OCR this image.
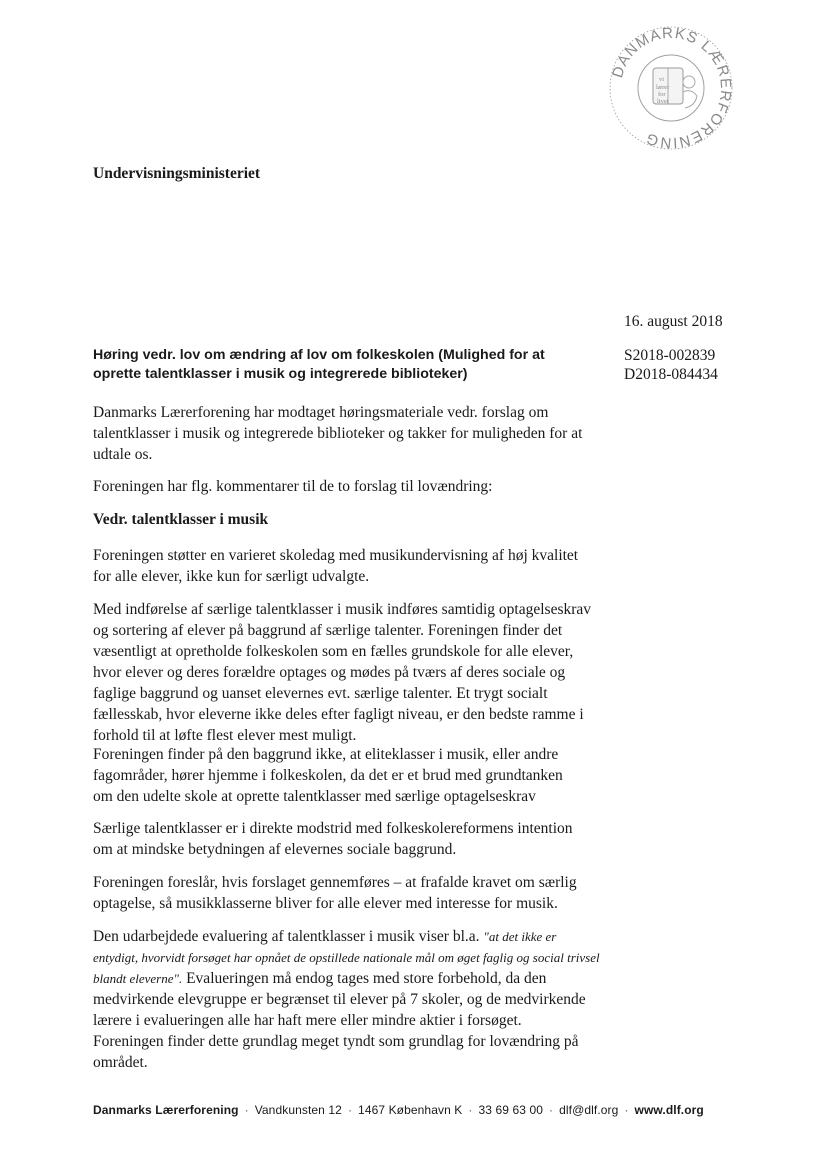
DANMARKS LÆRERFORENING
vi
lærer
for
livet
Undervisningsministeriet
16. august 2018
S2018-002839
D2018-084434
Høring vedr. lov om ændring af lov om folkeskolen (Mulighed for at
oprette talentklasser i musik og integrerede biblioteker)

Danmarks Lærerforening har modtaget høringsmateriale vedr. forslag om
talentklasser i musik og integrerede biblioteker og takker for muligheden for at
udtale os.

Foreningen har flg. kommentarer til de to forslag til lovændring:

Vedr. talentklasser i musik

Foreningen støtter en varieret skoledag med musikundervisning af høj kvalitet
for alle elever, ikke kun for særligt udvalgte.

Med indførelse af særlige talentklasser i musik indføres samtidig optagelseskrav
og sortering af elever på baggrund af særlige talenter. Foreningen finder det
væsentligt at opretholde folkeskolen som en fælles grundskole for alle elever,
hvor elever og deres forældre optages og mødes på tværs af deres sociale og
faglige baggrund og uanset elevernes evt. særlige talenter. Et trygt socialt
fællesskab, hvor eleverne ikke deles efter fagligt niveau, er den bedste ramme i
forhold til at løfte flest elever mest muligt.

Foreningen finder på den baggrund ikke, at eliteklasser i musik, eller andre
fagområder, hører hjemme i folkeskolen, da det er et brud med grundtanken
om den udelte skole at oprette talentklasser med særlige optagelseskrav

Særlige talentklasser er i direkte modstrid med folkeskolereformens intention
om at mindske betydningen af elevernes sociale baggrund.

Foreningen foreslår, hvis forslaget gennemføres – at frafalde kravet om særlig
optagelse, så musikklasserne bliver for alle elever med interesse for musik.

Den udarbejdede evaluering af talentklasser i musik viser bl.a. "at det ikke er
entydigt, hvorvidt forsøget har opnået de opstillede nationale mål om øget faglig og social trivsel
blandt eleverne". Evalueringen må endog tages med store forbehold, da den
medvirkende elevgruppe er begrænset til elever på 7 skoler, og de medvirkende
lærere i evalueringen alle har haft mere eller mindre aktier i forsøget.
Foreningen finder dette grundlag meget tyndt som grundlag for lovændring på
området.

Danmarks Lærerforening · Vandkunsten 12 · 1467 København K · 33 69 63 00 · dlf@dlf.org · www.dlf.org
